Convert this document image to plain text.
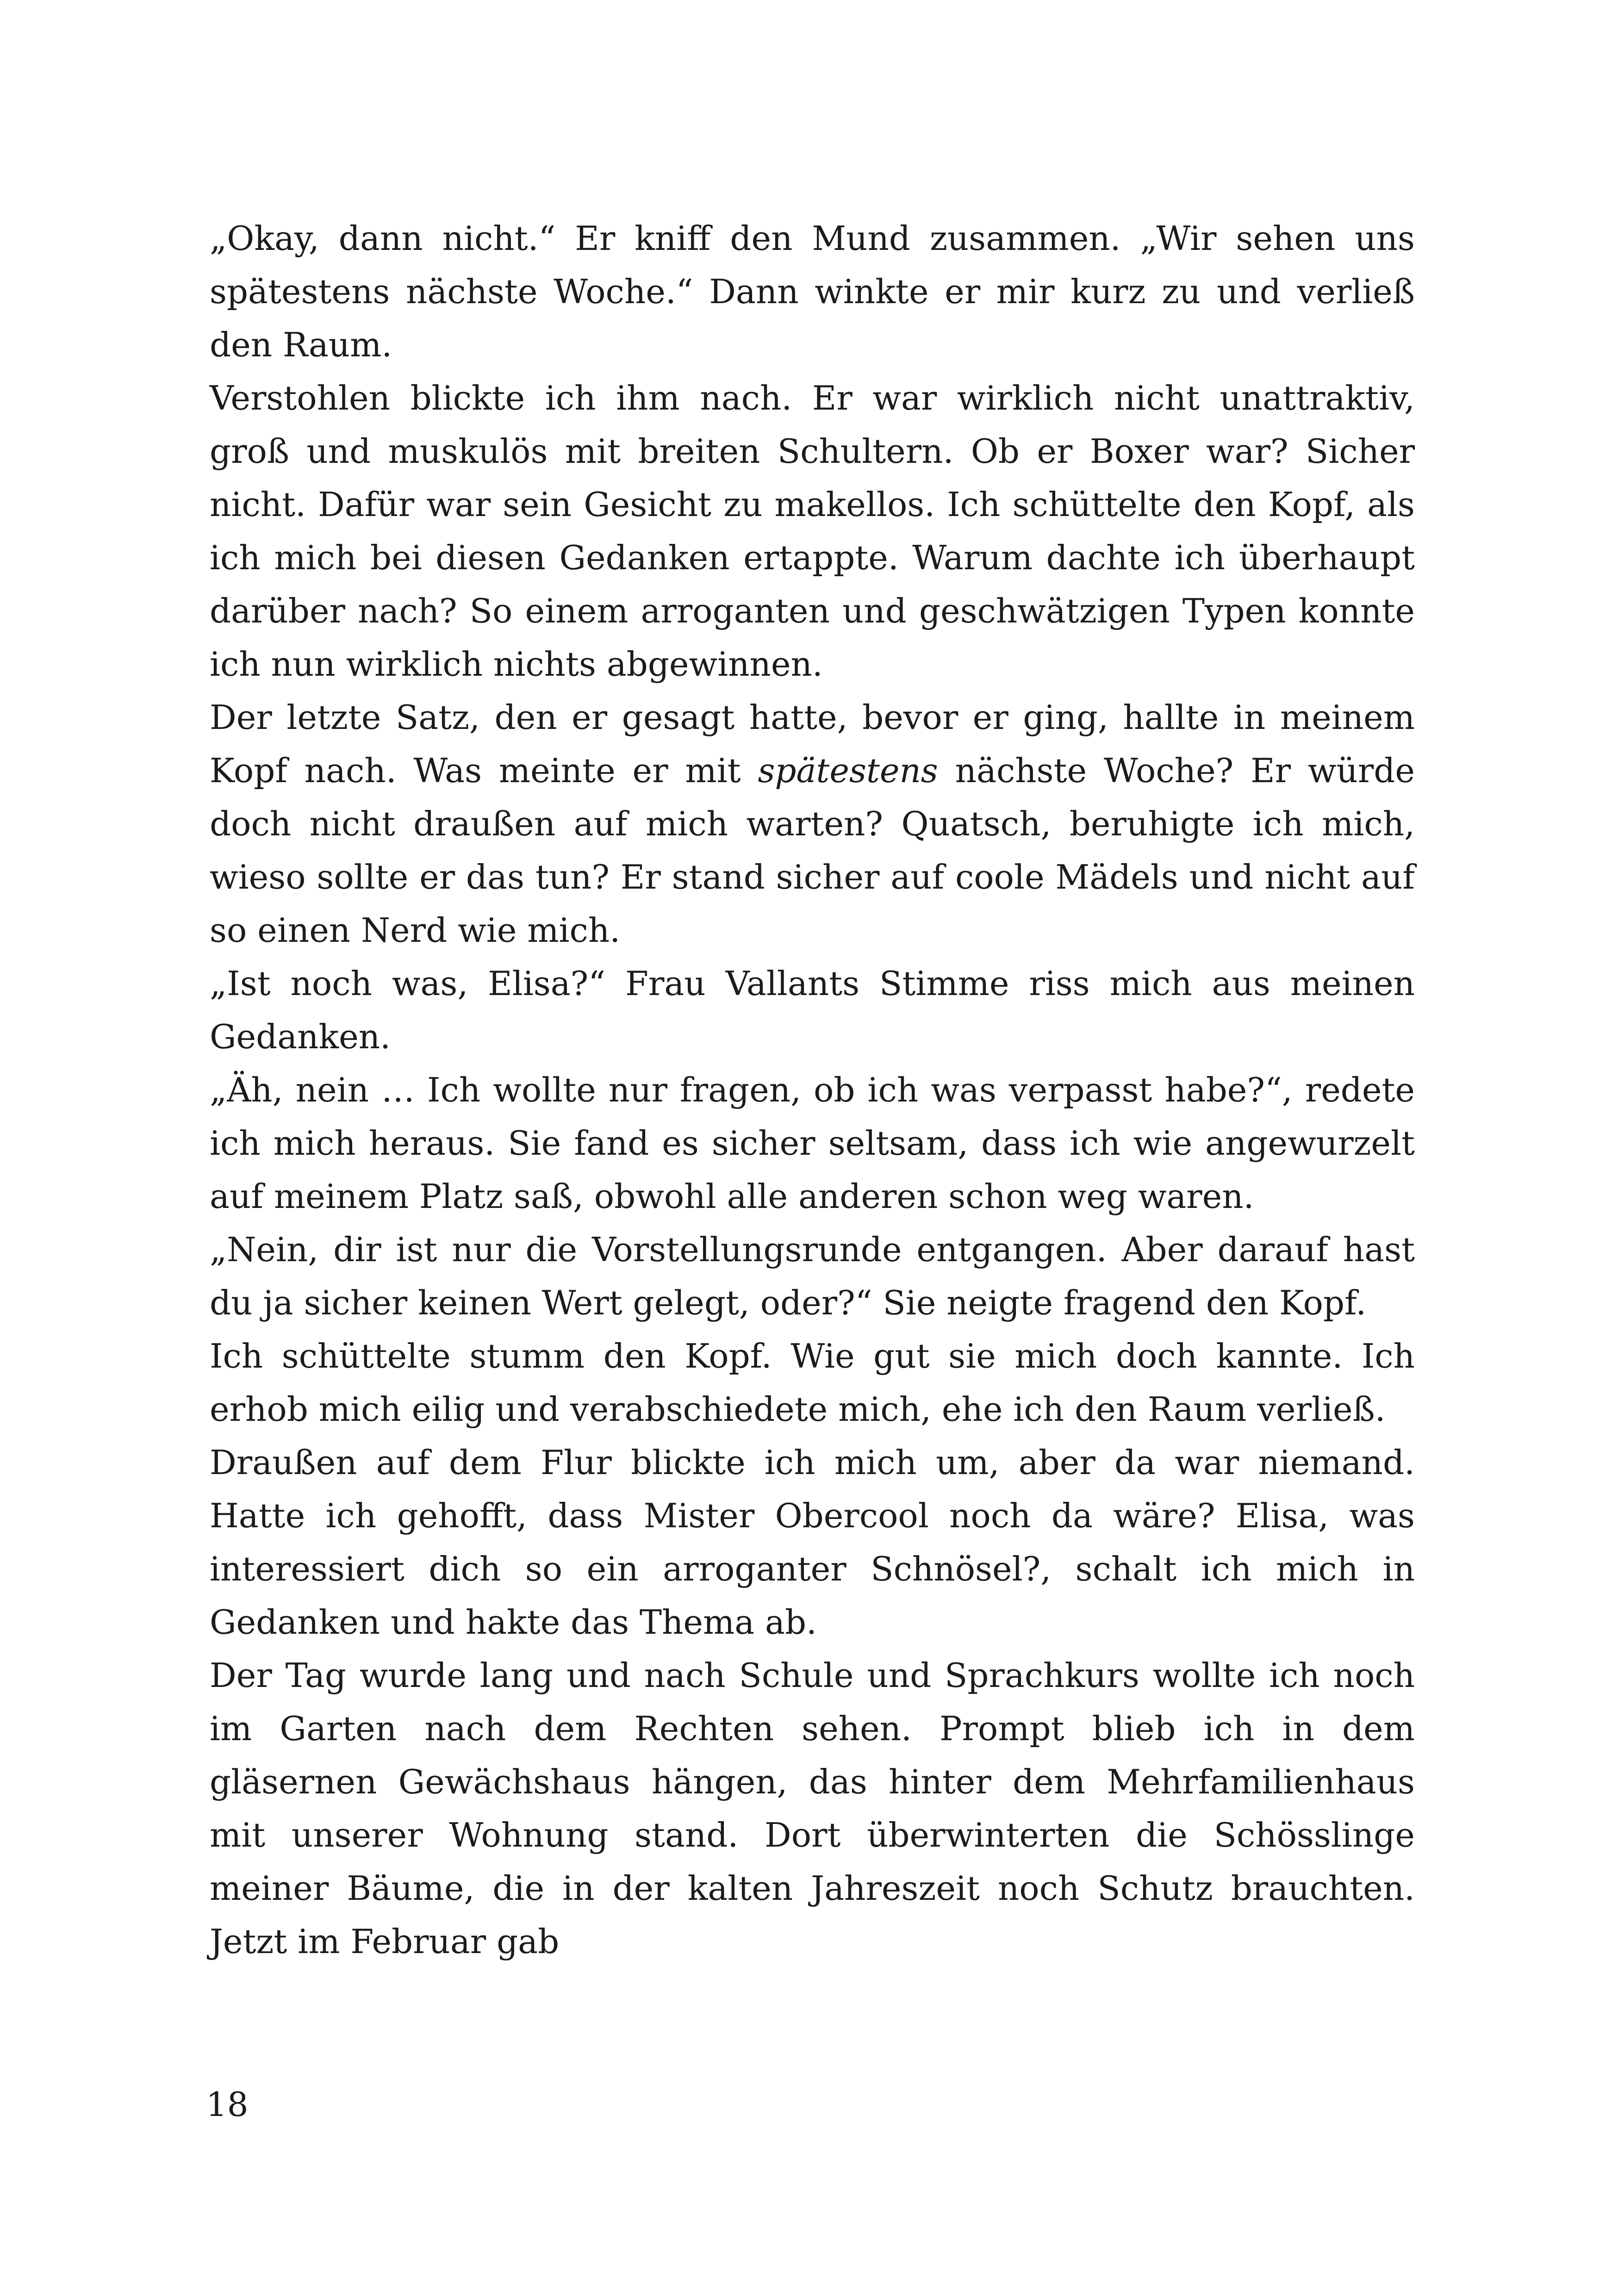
„Okay, dann nicht.“ Er kniff den Mund zusammen. „Wir sehen uns spätestens nächste Woche.“ Dann winkte er mir kurz zu und verließ den Raum.

Verstohlen blickte ich ihm nach. Er war wirklich nicht unattraktiv, groß und muskulös mit breiten Schultern. Ob er Boxer war? Sicher nicht. Dafür war sein Gesicht zu makellos. Ich schüttelte den Kopf, als ich mich bei diesen Gedanken ertappte. Warum dachte ich überhaupt darüber nach? So einem arroganten und geschwätzigen Typen konnte ich nun wirklich nichts abgewinnen.

Der letzte Satz, den er gesagt hatte, bevor er ging, hallte in meinem Kopf nach. Was meinte er mit spätestens nächste Woche? Er würde doch nicht draußen auf mich warten? Quatsch, beruhigte ich mich, wieso sollte er das tun? Er stand sicher auf coole Mädels und nicht auf so einen Nerd wie mich.

„Ist noch was, Elisa?“ Frau Vallants Stimme riss mich aus meinen Gedanken.

„Äh, nein … Ich wollte nur fragen, ob ich was verpasst habe?“, redete ich mich heraus. Sie fand es sicher seltsam, dass ich wie angewurzelt auf meinem Platz saß, obwohl alle anderen schon weg waren.

„Nein, dir ist nur die Vorstellungsrunde entgangen. Aber darauf hast du ja sicher keinen Wert gelegt, oder?“ Sie neigte fragend den Kopf.

Ich schüttelte stumm den Kopf. Wie gut sie mich doch kannte. Ich erhob mich eilig und verabschiedete mich, ehe ich den Raum verließ.

Draußen auf dem Flur blickte ich mich um, aber da war niemand. Hatte ich gehofft, dass Mister Obercool noch da wäre? Elisa, was interessiert dich so ein arroganter Schnösel?, schalt ich mich in Gedanken und hakte das Thema ab.

Der Tag wurde lang und nach Schule und Sprachkurs wollte ich noch im Garten nach dem Rechten sehen. Prompt blieb ich in dem gläsernen Gewächshaus hängen, das hinter dem Mehrfamilienhaus mit unserer Wohnung stand. Dort überwinterten die Schösslinge meiner Bäume, die in der kalten Jahreszeit noch Schutz brauchten. Jetzt im Februar gab

18
